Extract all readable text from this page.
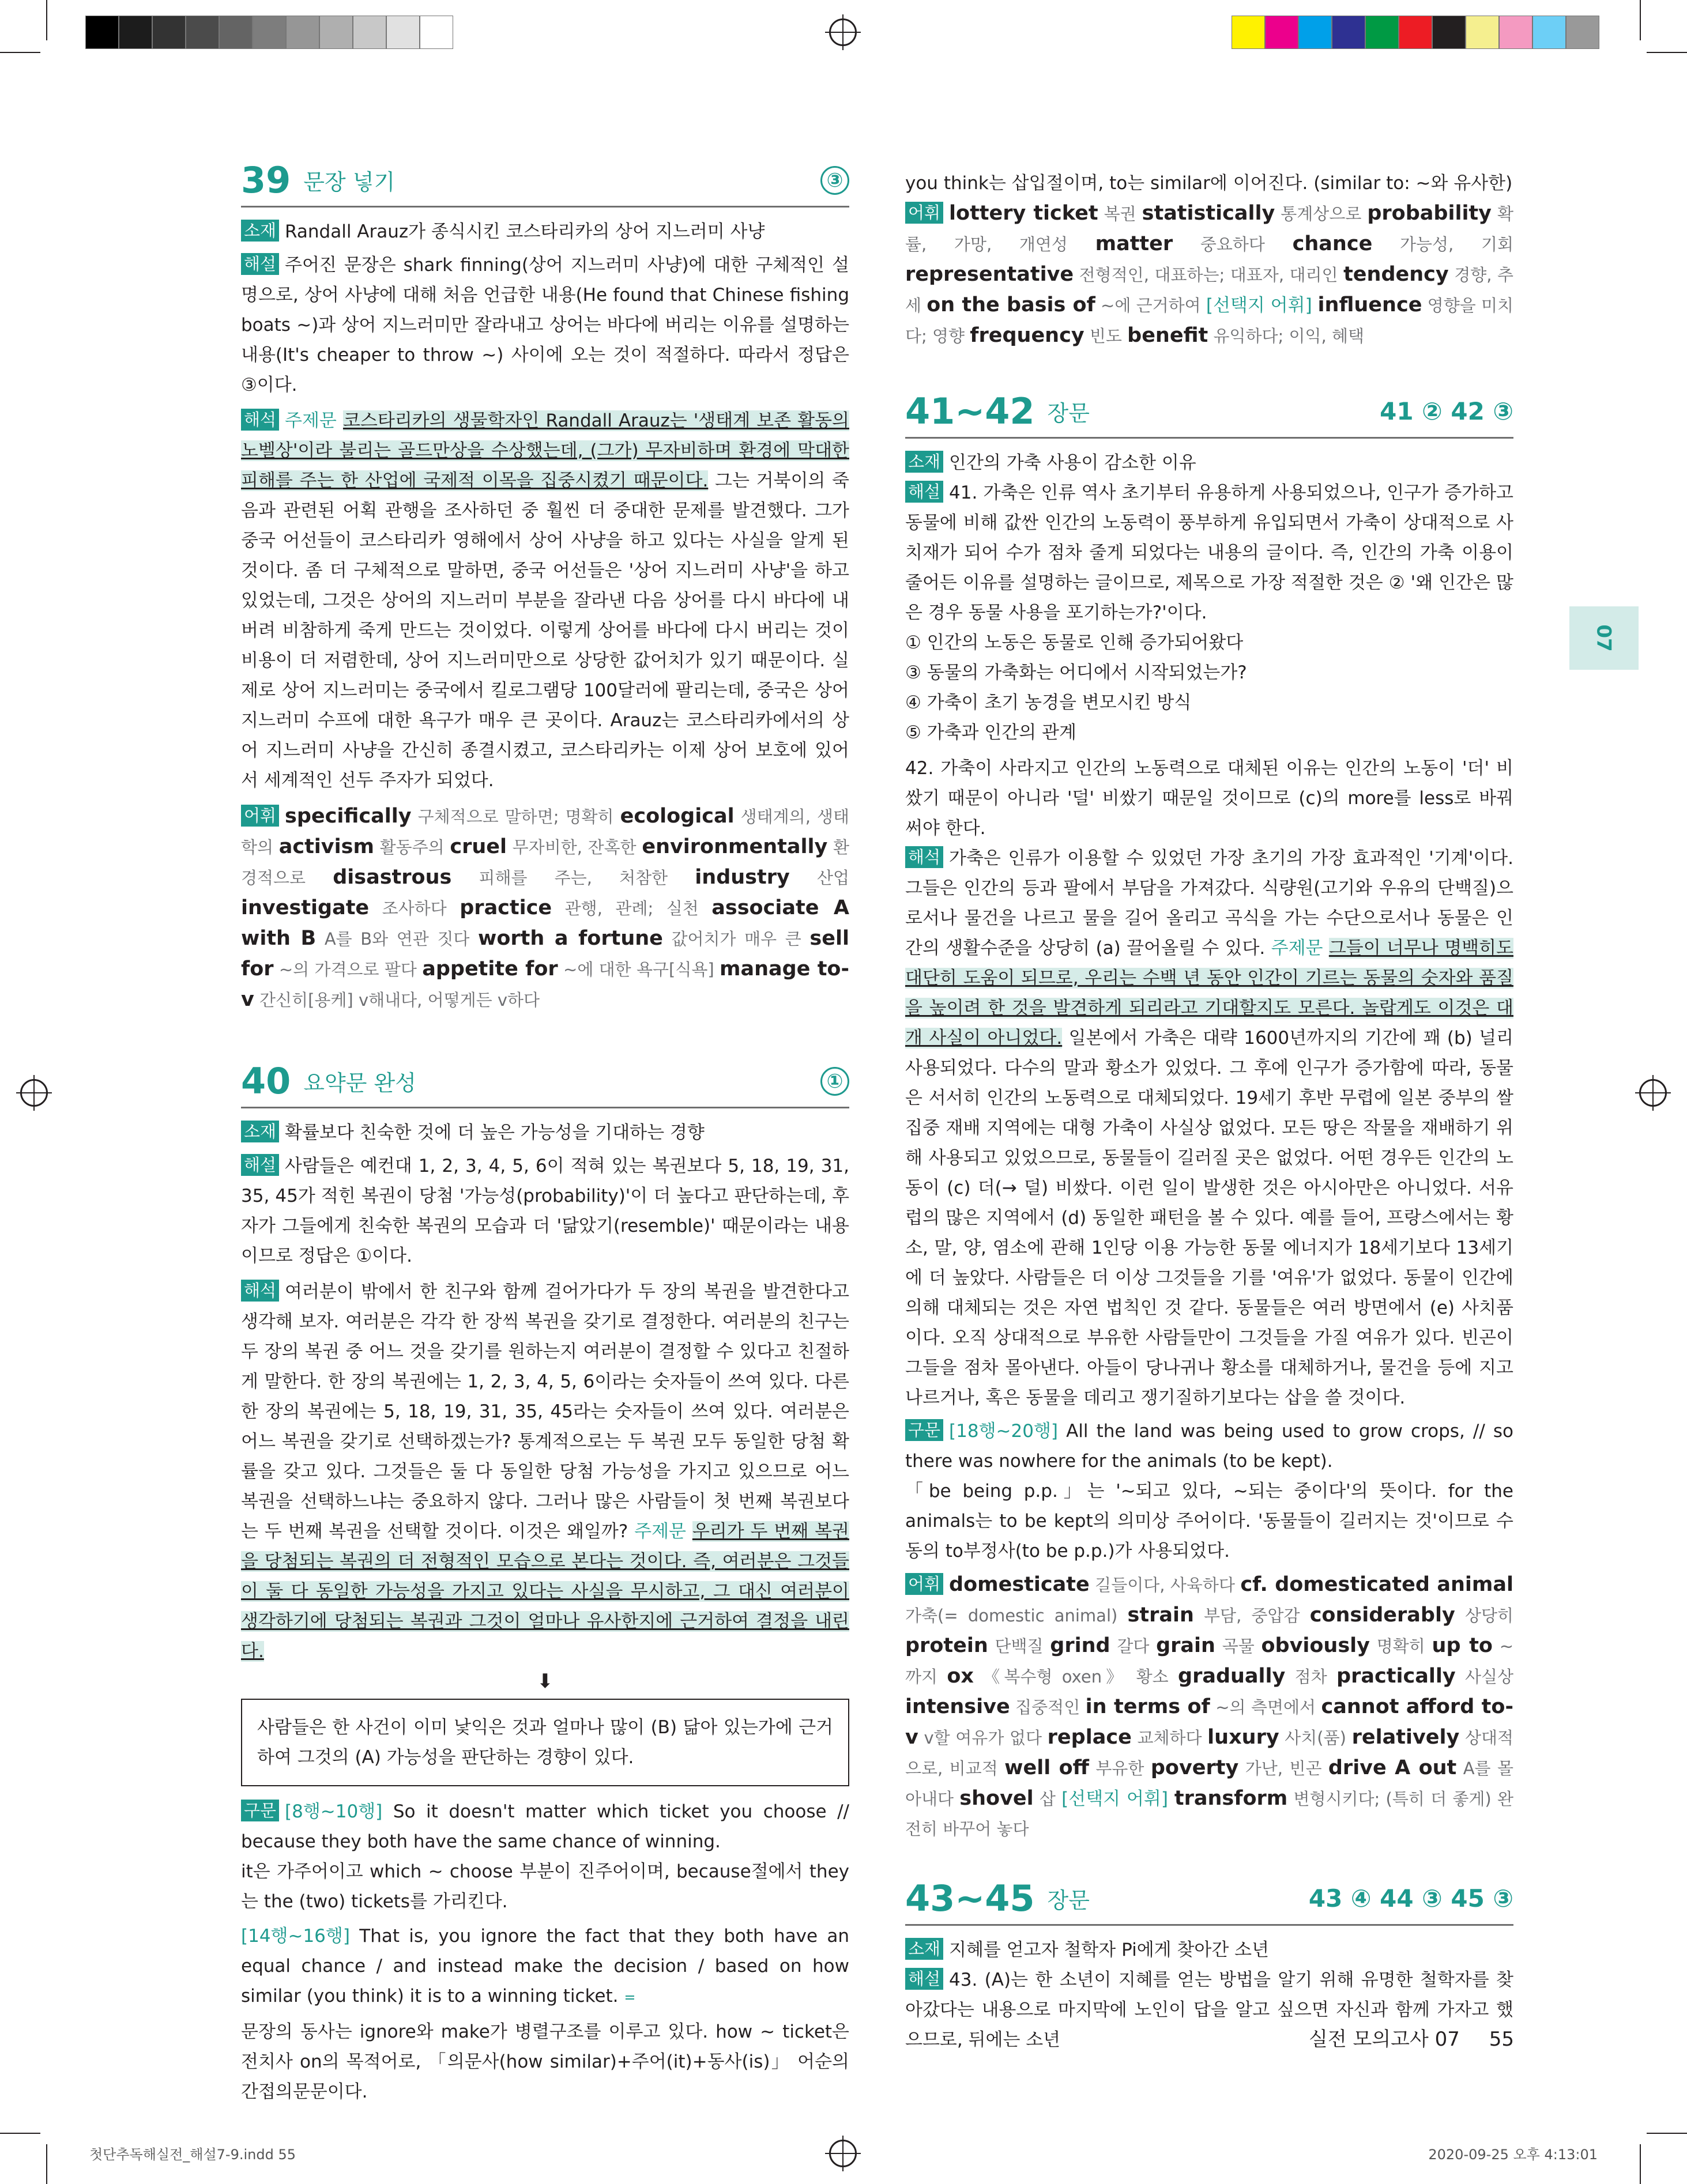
07
39 문장 넣기	③

소재 Randall Arauz가 종식시킨 코스타리카의 상어 지느러미 사냥

해설 주어진 문장은 shark finning(상어 지느러미 사냥)에 대한 구체적인 설명으로, 상어 사냥에 대해 처음 언급한 내용(He found that Chinese fishing boats ~)과 상어 지느러미만 잘라내고 상어는 바다에 버리는 이유를 설명하는 내용(It's cheaper to throw ~) 사이에 오는 것이 적절하다. 따라서 정답은 ③이다.

해석 주제문 코스타리카의 생물학자인 Randall Arauz는 '생태계 보존 활동의 노벨상'이라 불리는 골드만상을 수상했는데, (그가) 무자비하며 환경에 막대한 피해를 주는 한 산업에 국제적 이목을 집중시켰기 때문이다. 그는 거북이의 죽음과 관련된 어획 관행을 조사하던 중 훨씬 더 중대한 문제를 발견했다. 그가 중국 어선들이 코스타리카 영해에서 상어 사냥을 하고 있다는 사실을 알게 된 것이다. 좀 더 구체적으로 말하면, 중국 어선들은 '상어 지느러미 사냥'을 하고 있었는데, 그것은 상어의 지느러미 부분을 잘라낸 다음 상어를 다시 바다에 내버려 비참하게 죽게 만드는 것이었다. 이렇게 상어를 바다에 다시 버리는 것이 비용이 더 저렴한데, 상어 지느러미만으로 상당한 값어치가 있기 때문이다. 실제로 상어 지느러미는 중국에서 킬로그램당 100달러에 팔리는데, 중국은 상어 지느러미 수프에 대한 욕구가 매우 큰 곳이다. Arauz는 코스타리카에서의 상어 지느러미 사냥을 간신히 종결시켰고, 코스타리카는 이제 상어 보호에 있어서 세계적인 선두 주자가 되었다.

어휘 specifically 구체적으로 말하면; 명확히 ecological 생태계의, 생태학의 activism 활동주의 cruel 무자비한, 잔혹한 environmentally 환경적으로 disastrous 피해를 주는, 처참한 industry 산업 investigate 조사하다 practice 관행, 관례; 실천 associate A with B A를 B와 연관 짓다 worth a fortune 값어치가 매우 큰 sell for ~의 가격으로 팔다 appetite for ~에 대한 욕구[식욕] manage to-v 간신히[용케] v해내다, 어떻게든 v하다

40 요약문 완성	①

소재 확률보다 친숙한 것에 더 높은 가능성을 기대하는 경향

해설 사람들은 예컨대 1, 2, 3, 4, 5, 6이 적혀 있는 복권보다 5, 18, 19, 31, 35, 45가 적힌 복권이 당첨 '가능성(probability)'이 더 높다고 판단하는데, 후자가 그들에게 친숙한 복권의 모습과 더 '닮았기(resemble)' 때문이라는 내용이므로 정답은 ①이다.

해석 여러분이 밖에서 한 친구와 함께 걸어가다가 두 장의 복권을 발견한다고 생각해 보자. 여러분은 각각 한 장씩 복권을 갖기로 결정한다. 여러분의 친구는 두 장의 복권 중 어느 것을 갖기를 원하는지 여러분이 결정할 수 있다고 친절하게 말한다. 한 장의 복권에는 1, 2, 3, 4, 5, 6이라는 숫자들이 쓰여 있다. 다른 한 장의 복권에는 5, 18, 19, 31, 35, 45라는 숫자들이 쓰여 있다. 여러분은 어느 복권을 갖기로 선택하겠는가? 통계적으로는 두 복권 모두 동일한 당첨 확률을 갖고 있다. 그것들은 둘 다 동일한 당첨 가능성을 가지고 있으므로 어느 복권을 선택하느냐는 중요하지 않다. 그러나 많은 사람들이 첫 번째 복권보다는 두 번째 복권을 선택할 것이다. 이것은 왜일까? 주제문 우리가 두 번째 복권을 당첨되는 복권의 더 전형적인 모습으로 본다는 것이다. 즉, 여러분은 그것들이 둘 다 동일한 가능성을 가지고 있다는 사실을 무시하고, 그 대신 여러분이 생각하기에 당첨되는 복권과 그것이 얼마나 유사한지에 근거하여 결정을 내린다.

⬇

사람들은 한 사건이 이미 낯익은 것과 얼마나 많이 (B) 닮아 있는가에 근거하여 그것의 (A) 가능성을 판단하는 경향이 있다.

구문 [8행~10행] So it doesn't matter which ticket you choose // because they both have the same chance of winning.

it은 가주어이고 which ~ choose 부분이 진주어이며, because절에서 they는 the (two) tickets를 가리킨다.

[14행~16행] That is, you ignore the fact that they both have an equal chance / and instead make the decision / based on how similar (you think) it is to a winning ticket. =

문장의 동사는 ignore와 make가 병렬구조를 이루고 있다. how ~ ticket은 전치사 on의 목적어로, 「의문사(how similar)+주어(it)+동사(is)」 어순의 간접의문문이다.

you think는 삽입절이며, to는 similar에 이어진다. (similar to: ~와 유사한)

어휘 lottery ticket 복권 statistically 통계상으로 probability 확률, 가망, 개연성 matter 중요하다 chance 가능성, 기회 representative 전형적인, 대표하는; 대표자, 대리인 tendency 경향, 추세 on the basis of ~에 근거하여 [선택지 어휘] influence 영향을 미치다; 영향 frequency 빈도 benefit 유익하다; 이익, 혜택

41~42 장문	41 ② 42 ③

소재 인간의 가축 사용이 감소한 이유

해설 41. 가축은 인류 역사 초기부터 유용하게 사용되었으나, 인구가 증가하고 동물에 비해 값싼 인간의 노동력이 풍부하게 유입되면서 가축이 상대적으로 사치재가 되어 수가 점차 줄게 되었다는 내용의 글이다. 즉, 인간의 가축 이용이 줄어든 이유를 설명하는 글이므로, 제목으로 가장 적절한 것은 ② '왜 인간은 많은 경우 동물 사용을 포기하는가?'이다.

① 인간의 노동은 동물로 인해 증가되어왔다

③ 동물의 가축화는 어디에서 시작되었는가?

④ 가축이 초기 농경을 변모시킨 방식

⑤ 가축과 인간의 관계

42. 가축이 사라지고 인간의 노동력으로 대체된 이유는 인간의 노동이 '더' 비쌌기 때문이 아니라 '덜' 비쌌기 때문일 것이므로 (c)의 more를 less로 바꿔 써야 한다.

해석 가축은 인류가 이용할 수 있었던 가장 초기의 가장 효과적인 '기계'이다. 그들은 인간의 등과 팔에서 부담을 가져갔다. 식량원(고기와 우유의 단백질)으로서나 물건을 나르고 물을 길어 올리고 곡식을 가는 수단으로서나 동물은 인간의 생활수준을 상당히 (a) 끌어올릴 수 있다. 주제문 그들이 너무나 명백히도 대단히 도움이 되므로, 우리는 수백 년 동안 인간이 기르는 동물의 숫자와 품질을 높이려 한 것을 발견하게 되리라고 기대할지도 모른다. 놀랍게도 이것은 대개 사실이 아니었다. 일본에서 가축은 대략 1600년까지의 기간에 꽤 (b) 널리 사용되었다. 다수의 말과 황소가 있었다. 그 후에 인구가 증가함에 따라, 동물은 서서히 인간의 노동력으로 대체되었다. 19세기 후반 무렵에 일본 중부의 쌀 집중 재배 지역에는 대형 가축이 사실상 없었다. 모든 땅은 작물을 재배하기 위해 사용되고 있었으므로, 동물들이 길러질 곳은 없었다. 어떤 경우든 인간의 노동이 (c) 더(→ 덜) 비쌌다. 이런 일이 발생한 것은 아시아만은 아니었다. 서유럽의 많은 지역에서 (d) 동일한 패턴을 볼 수 있다. 예를 들어, 프랑스에서는 황소, 말, 양, 염소에 관해 1인당 이용 가능한 동물 에너지가 18세기보다 13세기에 더 높았다. 사람들은 더 이상 그것들을 기를 '여유'가 없었다. 동물이 인간에 의해 대체되는 것은 자연 법칙인 것 같다. 동물들은 여러 방면에서 (e) 사치품이다. 오직 상대적으로 부유한 사람들만이 그것들을 가질 여유가 있다. 빈곤이 그들을 점차 몰아낸다. 아들이 당나귀나 황소를 대체하거나, 물건을 등에 지고 나르거나, 혹은 동물을 데리고 쟁기질하기보다는 삽을 쓸 것이다.

구문 [18행~20행] All the land was being used to grow crops, // so there was nowhere for the animals (to be kept).

「be being p.p.」는 '~되고 있다, ~되는 중이다'의 뜻이다. for the animals는 to be kept의 의미상 주어이다. '동물들이 길러지는 것'이므로 수동의 to부정사(to be p.p.)가 사용되었다.

어휘 domesticate 길들이다, 사육하다 cf. domesticated animal 가축(= domestic animal) strain 부담, 중압감 considerably 상당히 protein 단백질 grind 갈다 grain 곡물 obviously 명확히 up to ~까지 ox 《복수형 oxen》 황소 gradually 점차 practically 사실상 intensive 집중적인 in terms of ~의 측면에서 cannot afford to-v v할 여유가 없다 replace 교체하다 luxury 사치(품) relatively 상대적으로, 비교적 well off 부유한 poverty 가난, 빈곤 drive A out A를 몰아내다 shovel 삽 [선택지 어휘] transform 변형시키다; (특히 더 좋게) 완전히 바꾸어 놓다

43~45 장문	43 ④ 44 ③ 45 ③

소재 지혜를 얻고자 철학자 Pi에게 찾아간 소년

해설 43. (A)는 한 소년이 지혜를 얻는 방법을 알기 위해 유명한 철학자를 찾아갔다는 내용으로 마지막에 노인이 답을 알고 싶으면 자신과 함께 가자고 했으므로, 뒤에는 소년	실전 모의고사 07 55
첫단추독해실전_해설7-9.indd 55	2020-09-25 오후 4:13:01
